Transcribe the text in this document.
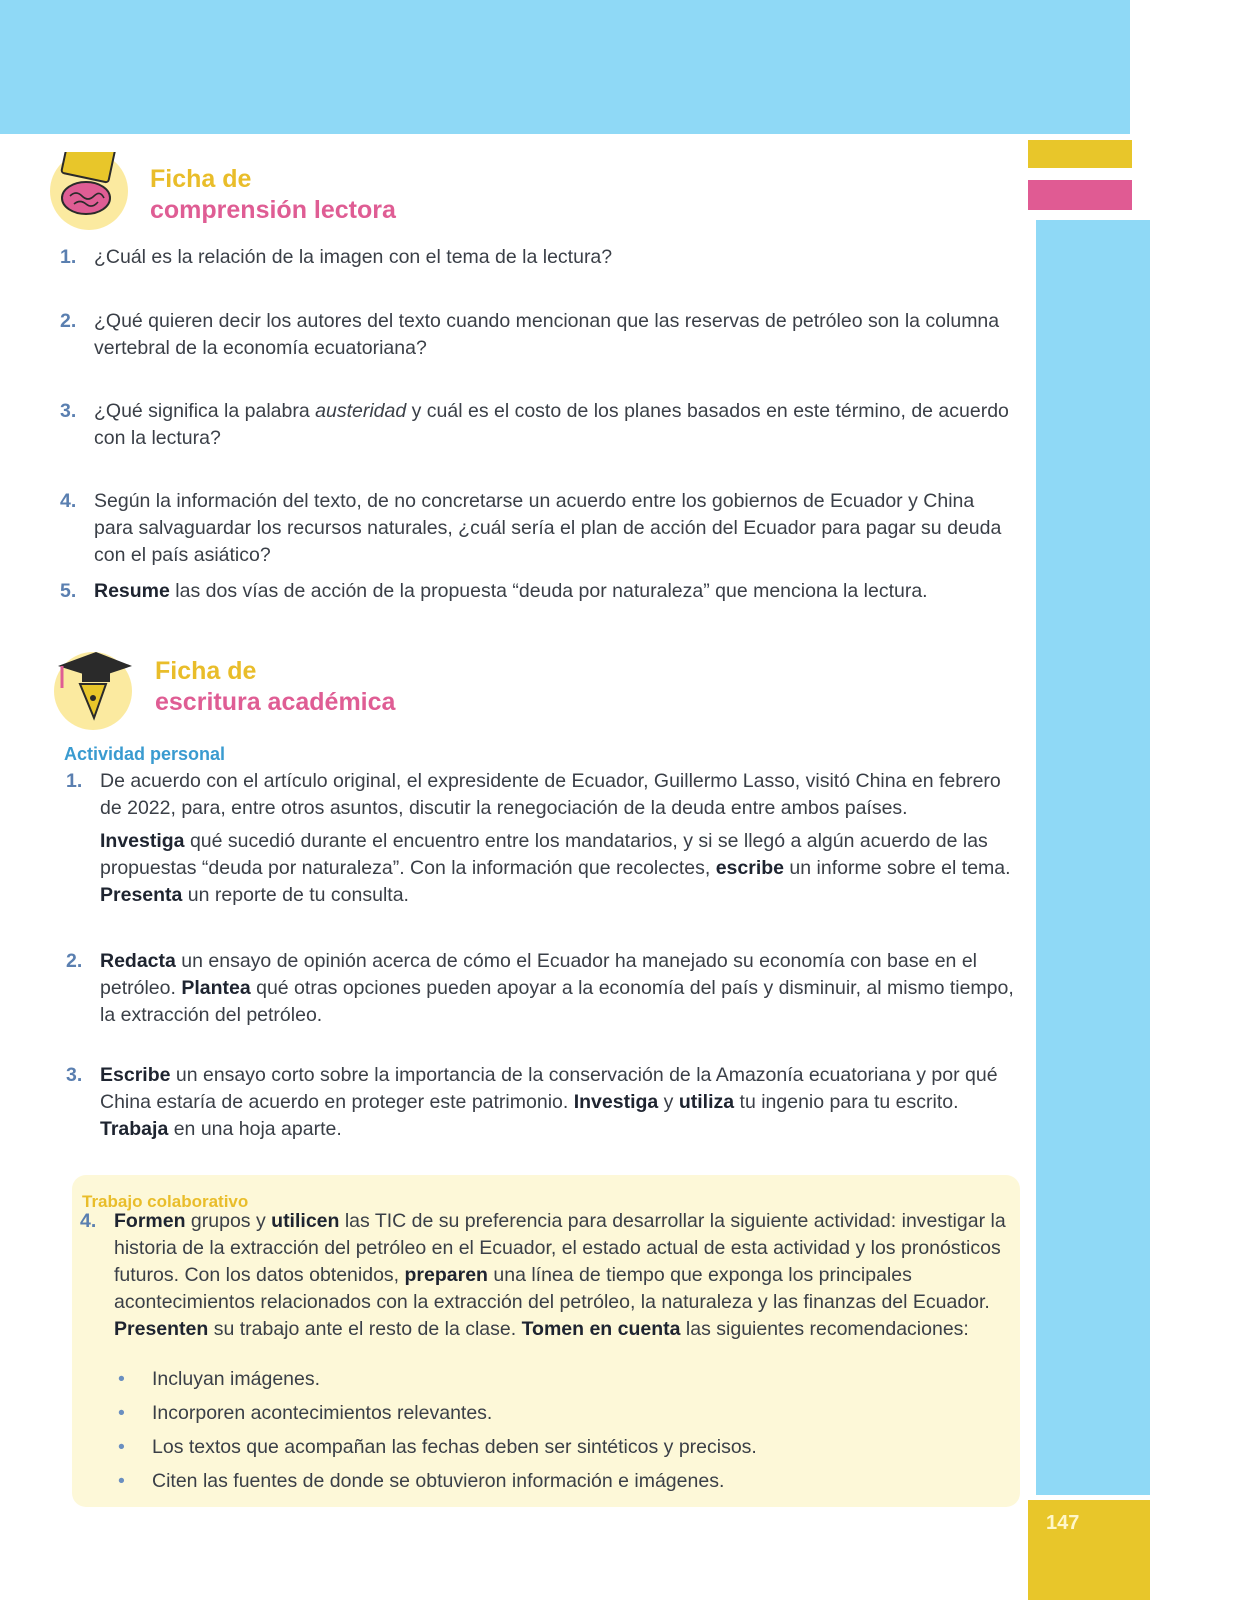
147
Ficha de
comprensión lectora
1. ¿Cuál es la relación de la imagen con el tema de la lectura?
2. ¿Qué quieren decir los autores del texto cuando mencionan que las reservas de petróleo son la columna vertebral de la economía ecuatoriana?
3. ¿Qué significa la palabra austeridad y cuál es el costo de los planes basados en este término, de acuerdo con la lectura?
4. Según la información del texto, de no concretarse un acuerdo entre los gobiernos de Ecuador y China para salvaguardar los recursos naturales, ¿cuál sería el plan de acción del Ecuador para pagar su deuda con el país asiático?
5. Resume las dos vías de acción de la propuesta “deuda por naturaleza” que menciona la lectura.
Ficha de
escritura académica
Actividad personal
1. De acuerdo con el artículo original, el expresidente de Ecuador, Guillermo Lasso, visitó China en febrero de 2022, para, entre otros asuntos, discutir la renegociación de la deuda entre ambos países.

Investiga qué sucedió durante el encuentro entre los mandatarios, y si se llegó a algún acuerdo de las propuestas “deuda por naturaleza”. Con la información que recolectes, escribe un informe sobre el tema. Presenta un reporte de tu consulta.

2. Redacta un ensayo de opinión acerca de cómo el Ecuador ha manejado su economía con base en el petróleo. Plantea qué otras opciones pueden apoyar a la economía del país y disminuir, al mismo tiempo, la extracción del petróleo.
3. Escribe un ensayo corto sobre la importancia de la conservación de la Amazonía ecuatoriana y por qué China estaría de acuerdo en proteger este patrimonio. Investiga y utiliza tu ingenio para tu escrito. Trabaja en una hoja aparte.
Trabajo colaborativo
4. Formen grupos y utilicen las TIC de su preferencia para desarrollar la siguiente actividad: investigar la historia de la extracción del petróleo en el Ecuador, el estado actual de esta actividad y los pronósticos futuros. Con los datos obtenidos, preparen una línea de tiempo que exponga los principales acontecimientos relacionados con la extracción del petróleo, la naturaleza y las finanzas del Ecuador. Presenten su trabajo ante el resto de la clase. Tomen en cuenta las siguientes recomendaciones:
• Incluyan imágenes.
• Incorporen acontecimientos relevantes.
• Los textos que acompañan las fechas deben ser sintéticos y precisos.
• Citen las fuentes de donde se obtuvieron información e imágenes.
